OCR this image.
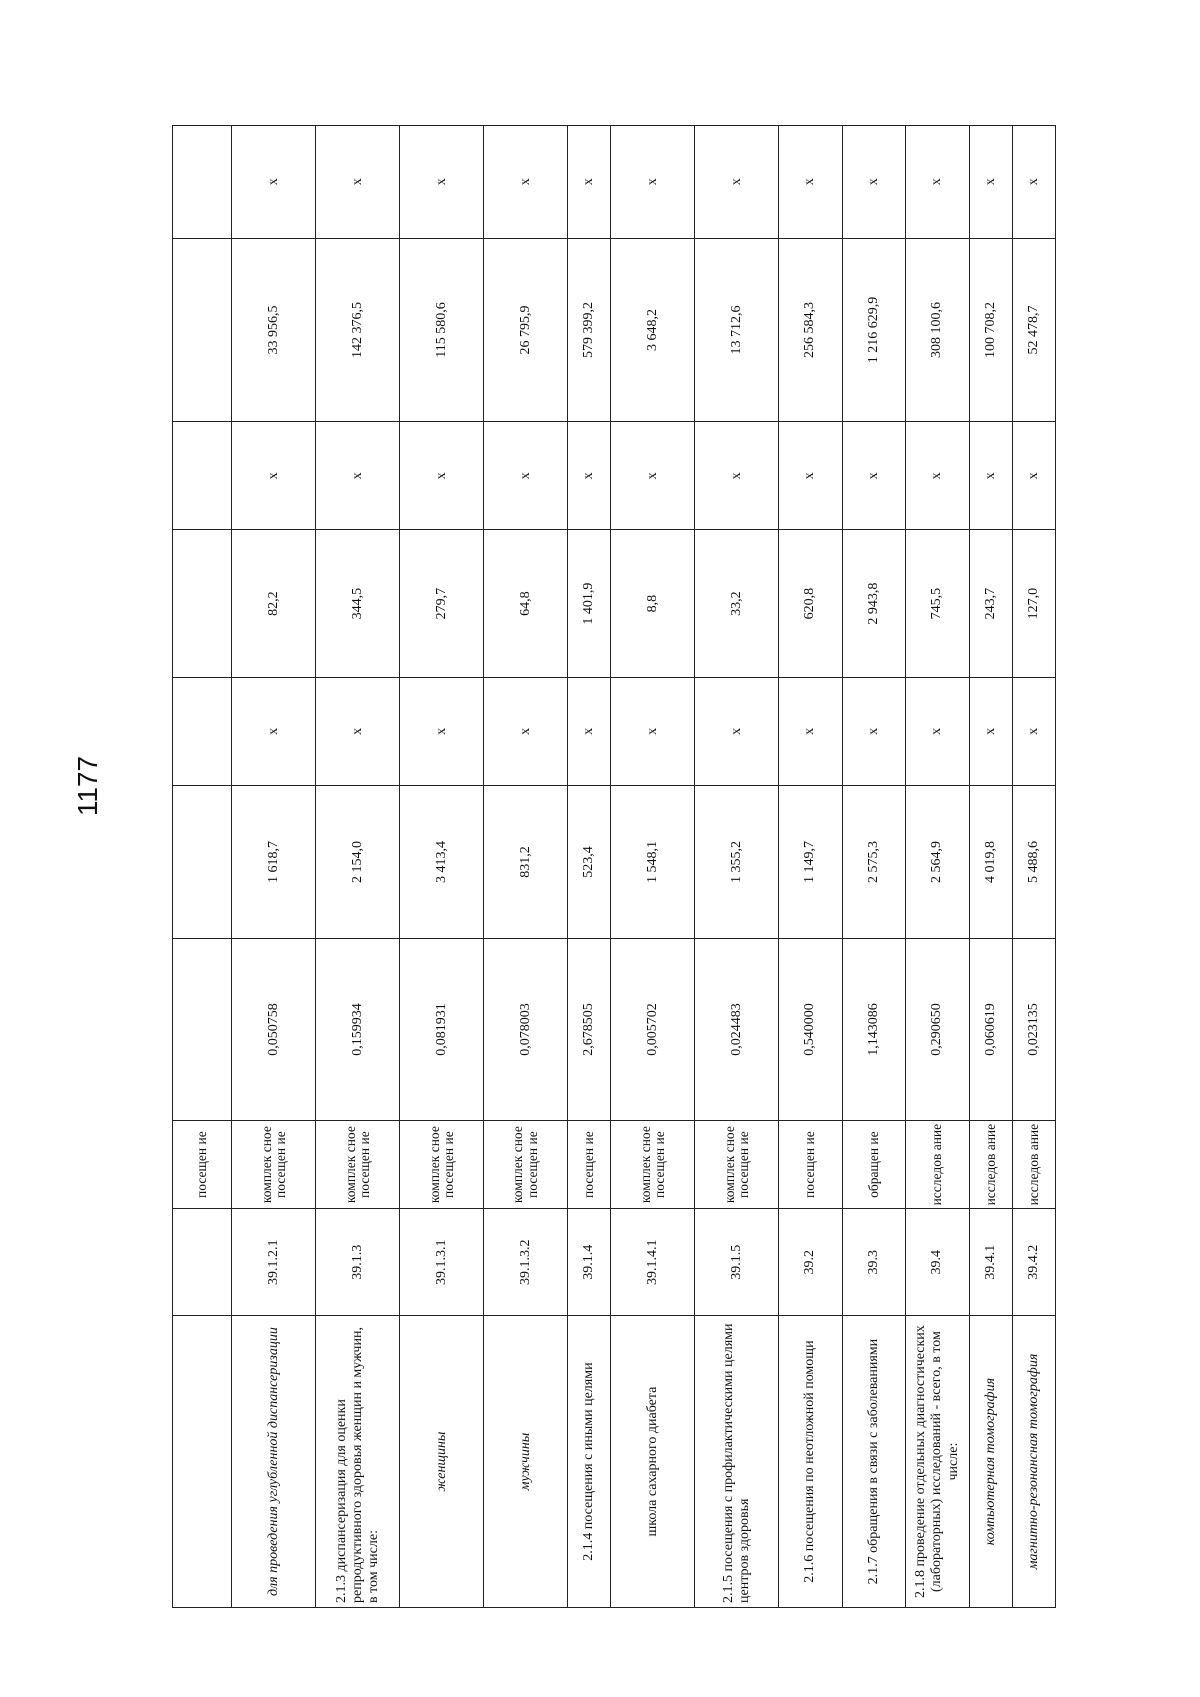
1177
		посещен ие							
для проведения углубленной диспансеризации	39.1.2.1	комплек сное посещен ие	0,050758	1 618,7	х	82,2	х	33 956,5	х
2.1.3 диспансеризация для оценки репродуктивного здоровья женщин и мужчин, в том числе:	39.1.3	комплек сное посещен ие	0,159934	2 154,0	х	344,5	х	142 376,5	х
женщины	39.1.3.1	комплек сное посещен ие	0,081931	3 413,4	х	279,7	х	115 580,6	х
мужчины	39.1.3.2	комплек сное посещен ие	0,078003	831,2	х	64,8	х	26 795,9	х
2.1.4 посещения с иными целями	39.1.4	посещен ие	2,678505	523,4	х	1 401,9	х	579 399,2	х
школа сахарного диабета	39.1.4.1	комплек сное посещен ие	0,005702	1 548,1	х	8,8	х	3 648,2	х
2.1.5 посещения с профилактическими целями центров здоровья	39.1.5	комплек сное посещен ие	0,024483	1 355,2	х	33,2	х	13 712,6	х
2.1.6 посещения по неотложной помощи	39.2	посещен ие	0,540000	1 149,7	х	620,8	х	256 584,3	х
2.1.7 обращения в связи с заболеваниями	39.3	обращен ие	1,143086	2 575,3	х	2 943,8	х	1 216 629,9	х
2.1.8 проведение отдельных диагностических (лабораторных) исследований - всего, в том числе:	39.4	исследов ание	0,290650	2 564,9	х	745,5	х	308 100,6	х
компьютерная томография	39.4.1	исследов ание	0,060619	4 019,8	х	243,7	х	100 708,2	х
магнитно-резонансная томография	39.4.2	исследов ание	0,023135	5 488,6	х	127,0	х	52 478,7	х
